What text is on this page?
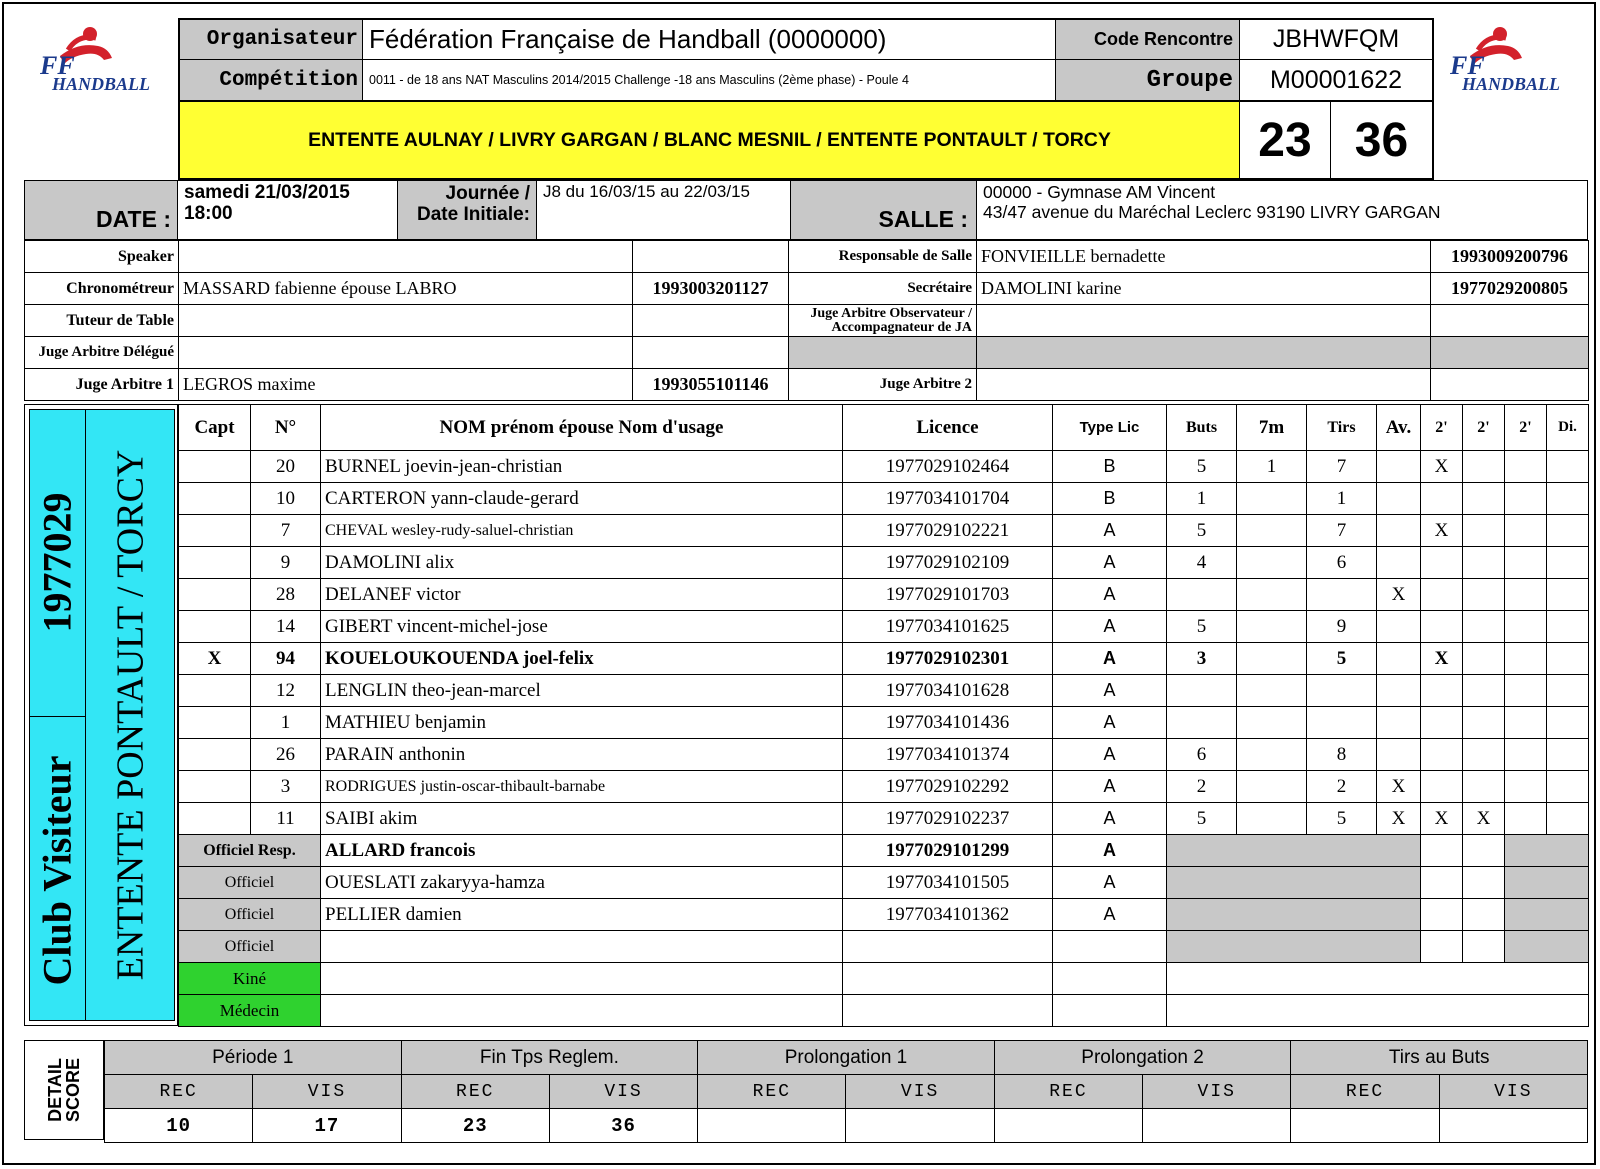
FF
HANDBALL
FF
HANDBALL
Organisateur Fédération Française de Handball (0000000)
Compétition 0011 - de 18 ans NAT Masculins 2014/2015 Challenge -18 ans Masculins (2ème phase) - Poule 4
Code Rencontre	JBHWFQM
Groupe	M00001622
ENTENTE AULNAY / LIVRY GARGAN / BLANC MESNIL / ENTENTE PONTAULT / TORCY	23 36
DATE :
samedi 21/03/2015
18:00
Journée /
Date Initiale:
J8 du 16/03/15 au 22/03/15
SALLE :
00000 - Gymnase AM Vincent
43/47 avenue du Maréchal Leclerc 93190 LIVRY GARGAN
Speaker			Responsable de Salle	FONVIEILLE bernadette	1993009200796
Chronométreur	MASSARD fabienne épouse LABRO	1993003201127	Secrétaire	DAMOLINI karine	1977029200805
Tuteur de Table			Juge Arbitre Observateur / Accompagnateur de JA		
Juge Arbitre Délégué					
Juge Arbitre 1	LEGROS maxime	1993055101146	Juge Arbitre 2		
Club Visiteur
1977029 ENTENTE PONTAULT / TORCY
Capt	N°	NOM prénom épouse Nom d'usage	Licence	Type Lic	Buts	7m	Tirs	Av.	2'	2'	2'	Di.
	20	BURNEL joevin-jean-christian	1977029102464	B	5	1	7		X			
	10	CARTERON yann-claude-gerard	1977034101704	B	1		1					
	7	CHEVAL wesley-rudy-saluel-christian	1977029102221	A	5		7		X			
	9	DAMOLINI alix	1977029102109	A	4		6					
	28	DELANEF victor	1977029101703	A				X				
	14	GIBERT vincent-michel-jose	1977034101625	A	5		9					
X	94	KOUELOUKOUENDA joel-felix	1977029102301	A	3		5		X			
	12	LENGLIN theo-jean-marcel	1977034101628	A								
	1	MATHIEU benjamin	1977034101436	A								
	26	PARAIN anthonin	1977034101374	A	6		8					
	3	RODRIGUES justin-oscar-thibault-barnabe	1977029102292	A	2		2	X				
	11	SAIBI akim	1977029102237	A	5		5	X	X	X		
Officiel Resp.		ALLARD francois	1977029101299	A								
Officiel		OUESLATI zakaryya-hamza	1977034101505	A								
Officiel		PELLIER damien	1977034101362	A								
Officiel												
Kiné												
Médecin												
DETAIL SCORE
Période 1		Fin Tps Reglem.		Prolongation 1		Prolongation 2		Tirs au Buts	
REC	VIS	REC	VIS	REC	VIS	REC	VIS	REC	VIS
10	17	23	36						
